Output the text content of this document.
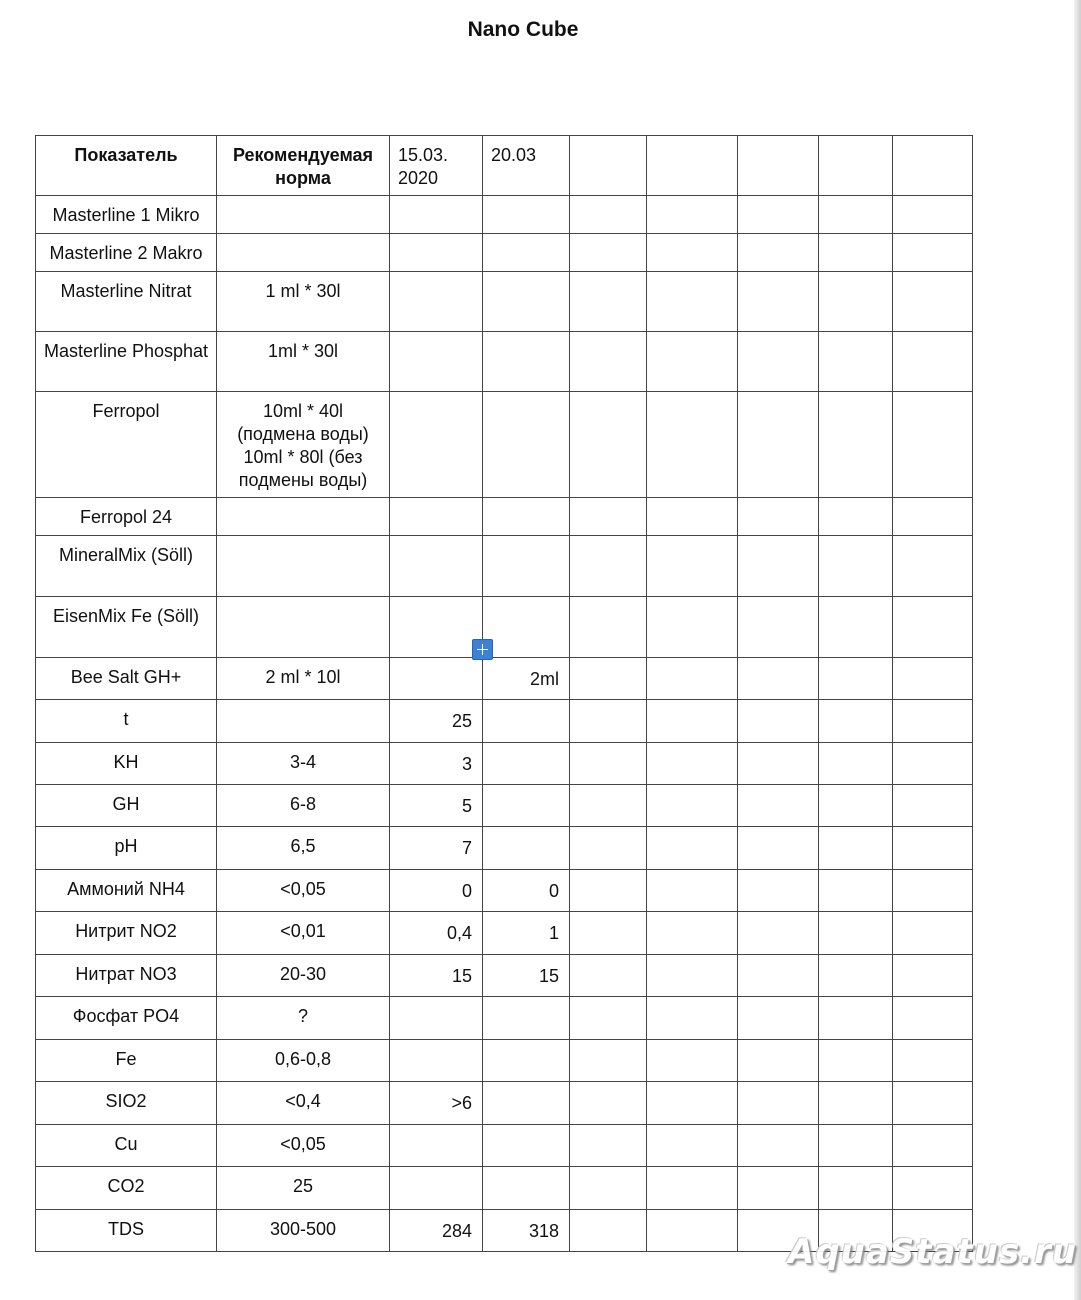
Nano Cube
Показатель	Рекомендуемая норма	15.03. 2020	20.03					
Masterline 1 Mikro								
Masterline 2 Makro								
Masterline Nitrat	1 ml * 30l							
Masterline Phosphat	1ml * 30l							
Ferropol	10ml * 40l (подмена воды) 10ml * 80l (без подмены воды)							
Ferropol 24								
MineralMix (Söll)								
EisenMix Fe (Söll)								
Bee Salt GH+	2 ml * 10l		2ml					
t		25						
KH	3-4	3						
GH	6-8	5						
pH	6,5	7						
Аммоний NH4	<0,05	0	0					
Нитрит NO2	<0,01	0,4	1					
Нитрат NO3	20-30	15	15					
Фосфат PO4	?							
Fe	0,6-0,8							
SIO2	<0,4	>6						
Cu	<0,05							
CO2	25							
TDS	300-500	284	318					
AquaStatus.ru
